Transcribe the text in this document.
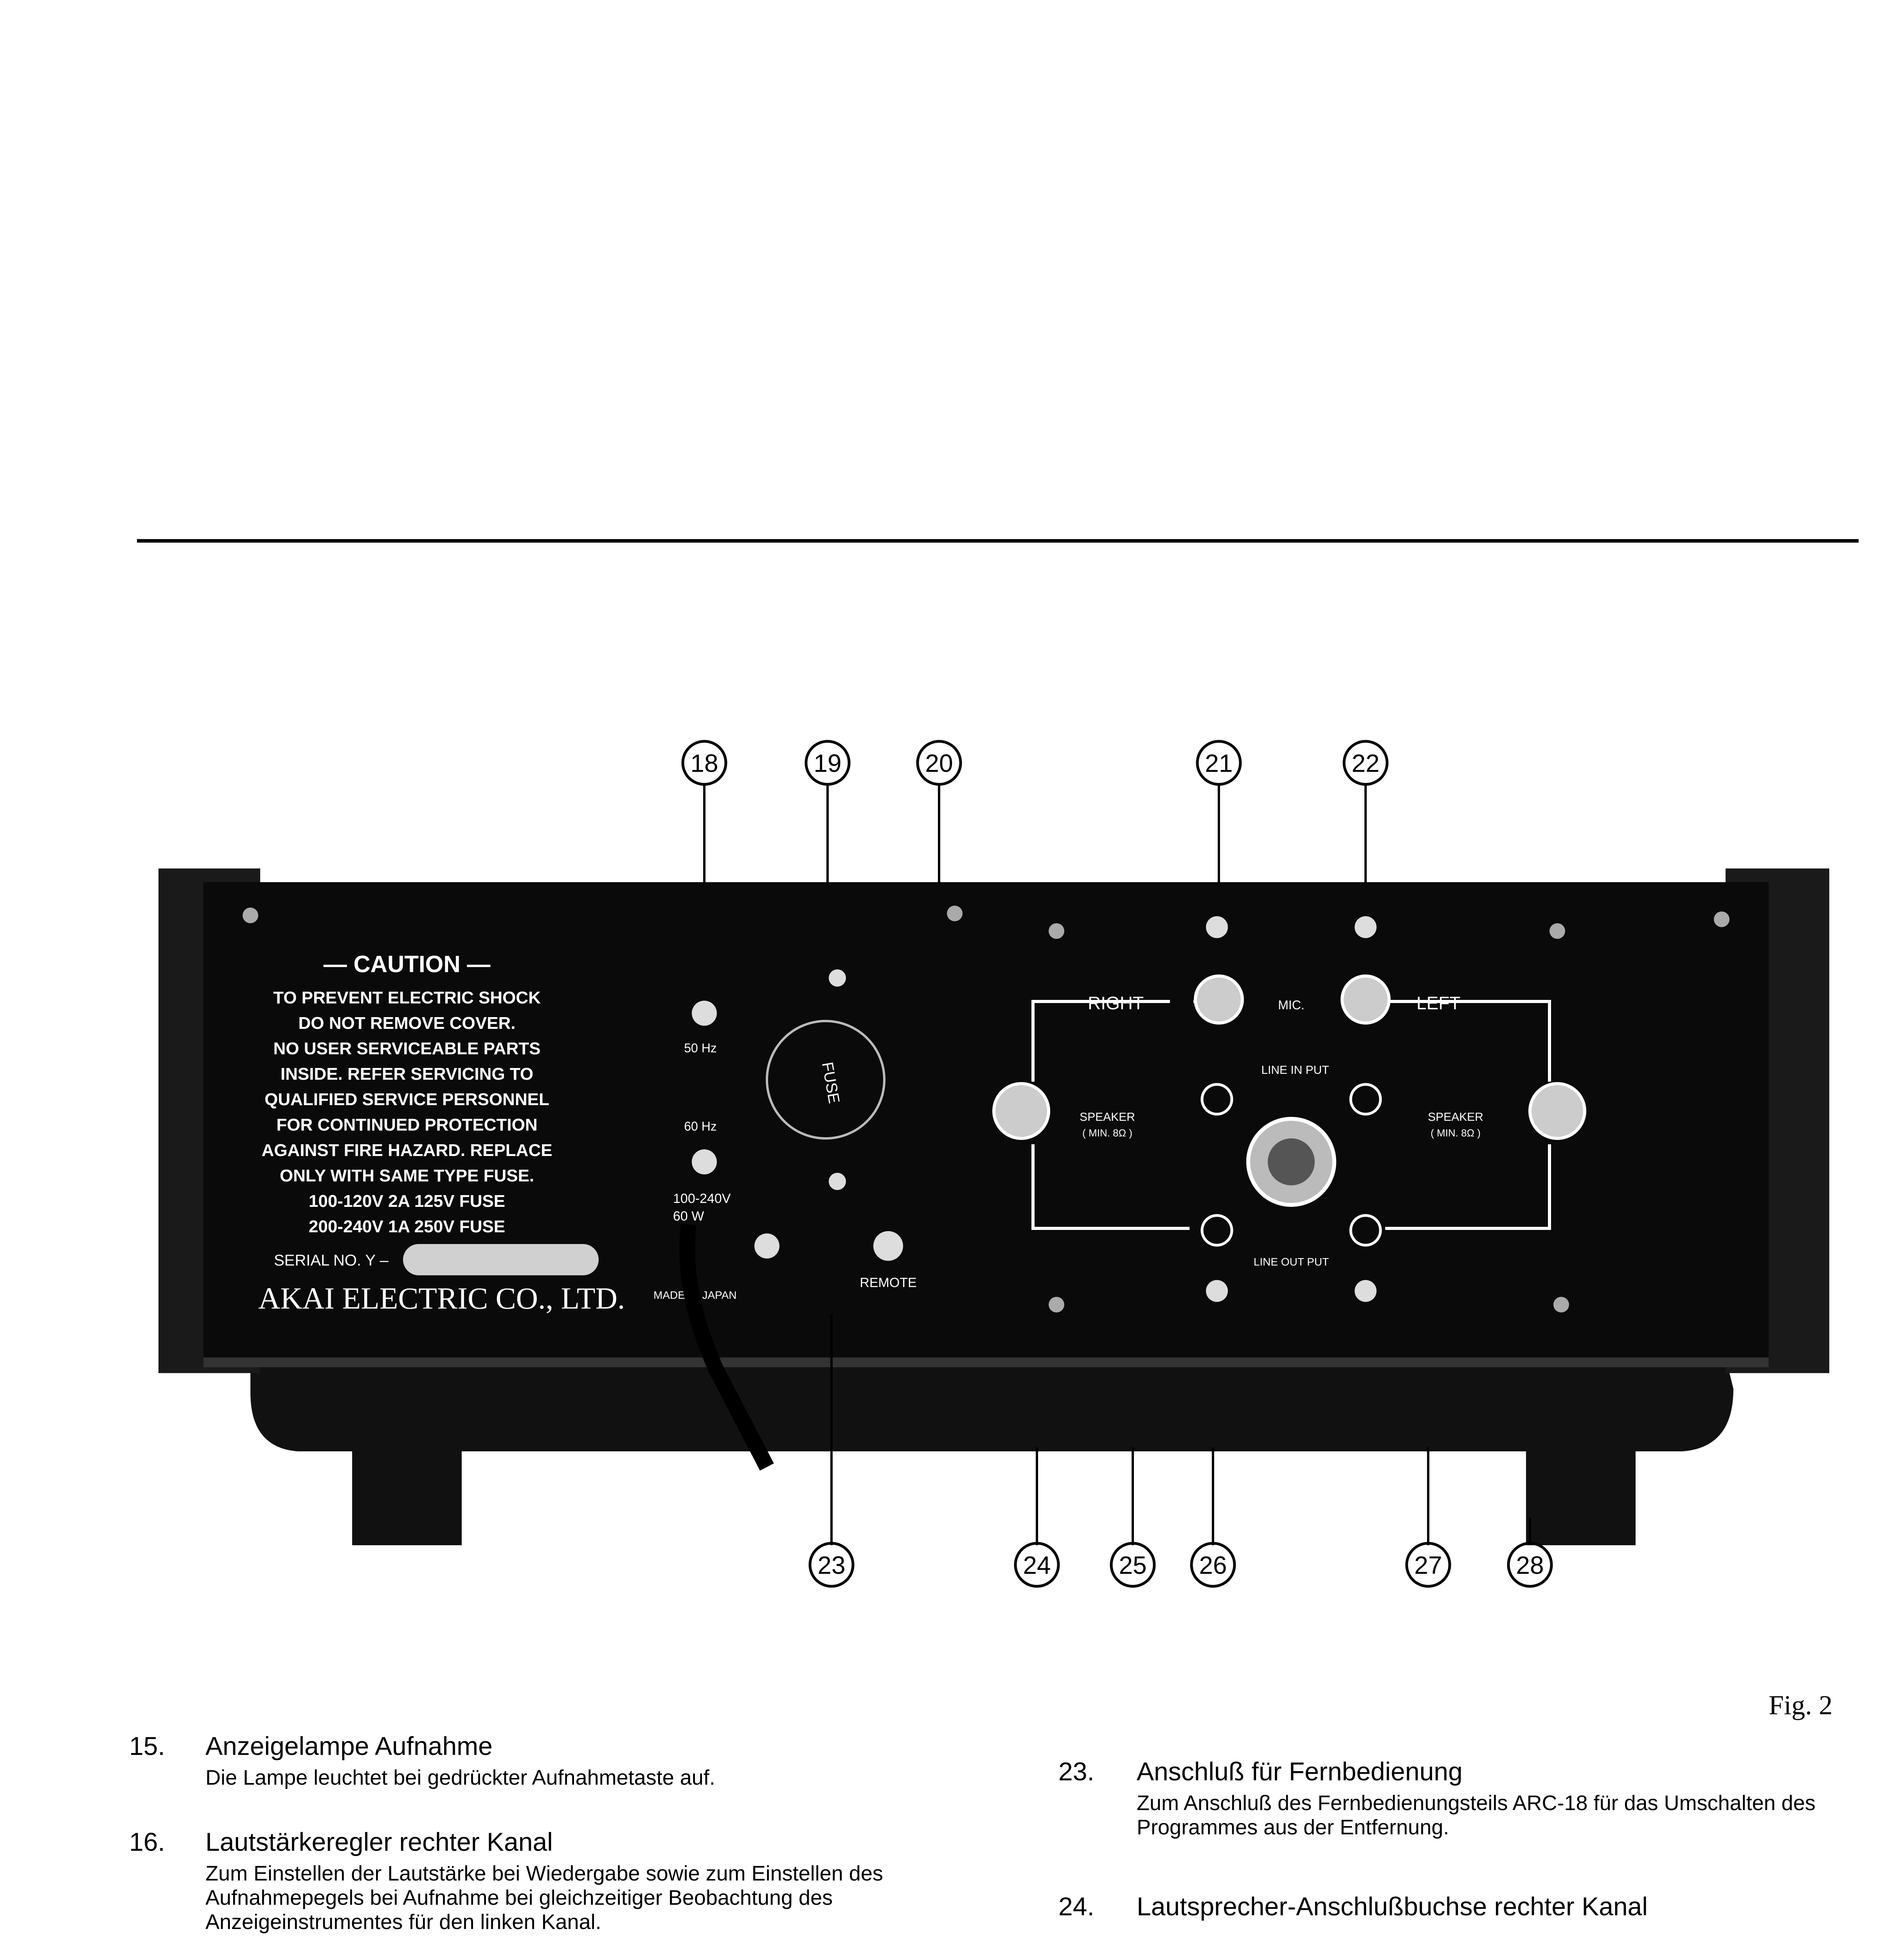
18	19	20	21	22
— CAUTION —
TO PREVENT ELECTRIC SHOCK
DO NOT REMOVE COVER.
NO USER SERVICEABLE PARTS
INSIDE. REFER SERVICING TO
QUALIFIED SERVICE PERSONNEL
FOR CONTINUED PROTECTION
AGAINST FIRE HAZARD. REPLACE
ONLY WITH SAME TYPE FUSE.
100-120V 2A 125V FUSE
200-240V 1A 250V FUSE
SERIAL NO. Y –
AKAI ELECTRIC CO., LTD.	MADE IN JAPAN
50 Hz
60 Hz
100-240V
60 W
FUSE
REMOTE
RIGHT	MIC.	LEFT
SPEAKER
( MIN. 8Ω )
SPEAKER
( MIN. 8Ω )
LINE IN PUT
LINE OUT PUT
23	24	25 26	27	28
Fig. 2
15. Anzeigelampe Aufnahme
Die Lampe leuchtet bei gedrückter Aufnahmetaste auf.
16. Lautstärkeregler rechter Kanal
Zum Einstellen der Lautstärke bei Wiedergabe sowie zum Einstellen des Aufnahmepegels bei Aufnahme bei gleichzeitiger Beobachtung des Anzeigeinstrumentes für den linken Kanal.
23. Anschluß für Fernbedienung
Zum Anschluß des Fernbedienungsteils ARC-18 für das Umschalten des Programmes aus der Entfernung.
24. Lautsprecher-Anschlußbuchse rechter Kanal
